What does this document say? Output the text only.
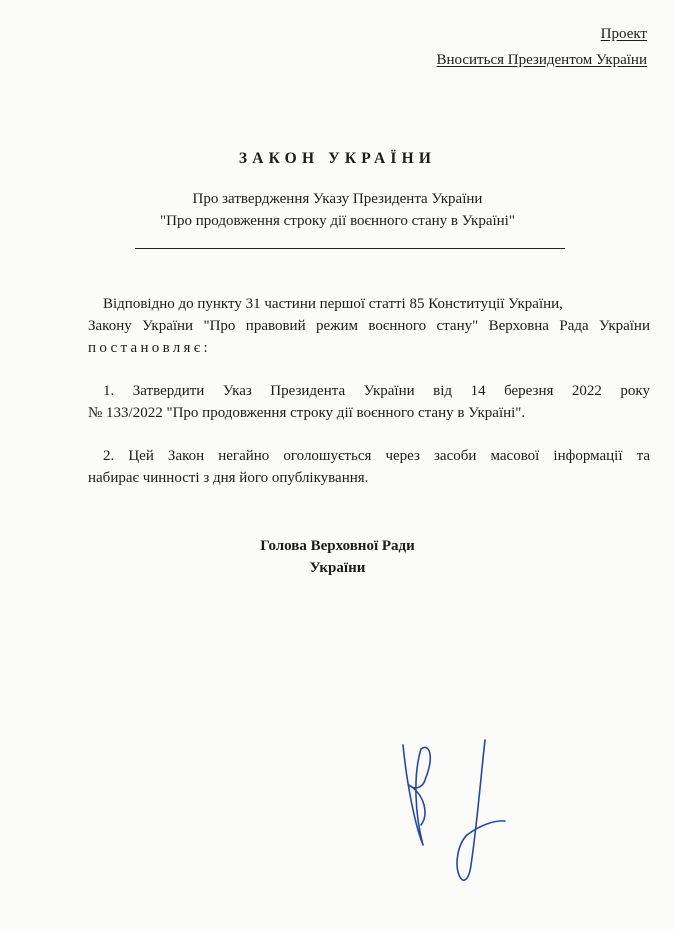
Проект
Вноситься Президентом України
ЗАКОН УКРАЇНИ
Про затвердження Указу Президента України
"Про продовження строку дії воєнного стану в Україні"
Відповідно до пункту 31 частини першої статті 85 Конституції України,
Закону України "Про правовий режим воєнного стану" Верховна Рада України
постановляє:
1. Затвердити Указ Президента України від 14 березня 2022 року
№ 133/2022 "Про продовження строку дії воєнного стану в Україні".
2. Цей Закон негайно оголошується через засоби масової інформації та
набирає чинності з дня його опублікування.
Голова Верховної Ради
України
